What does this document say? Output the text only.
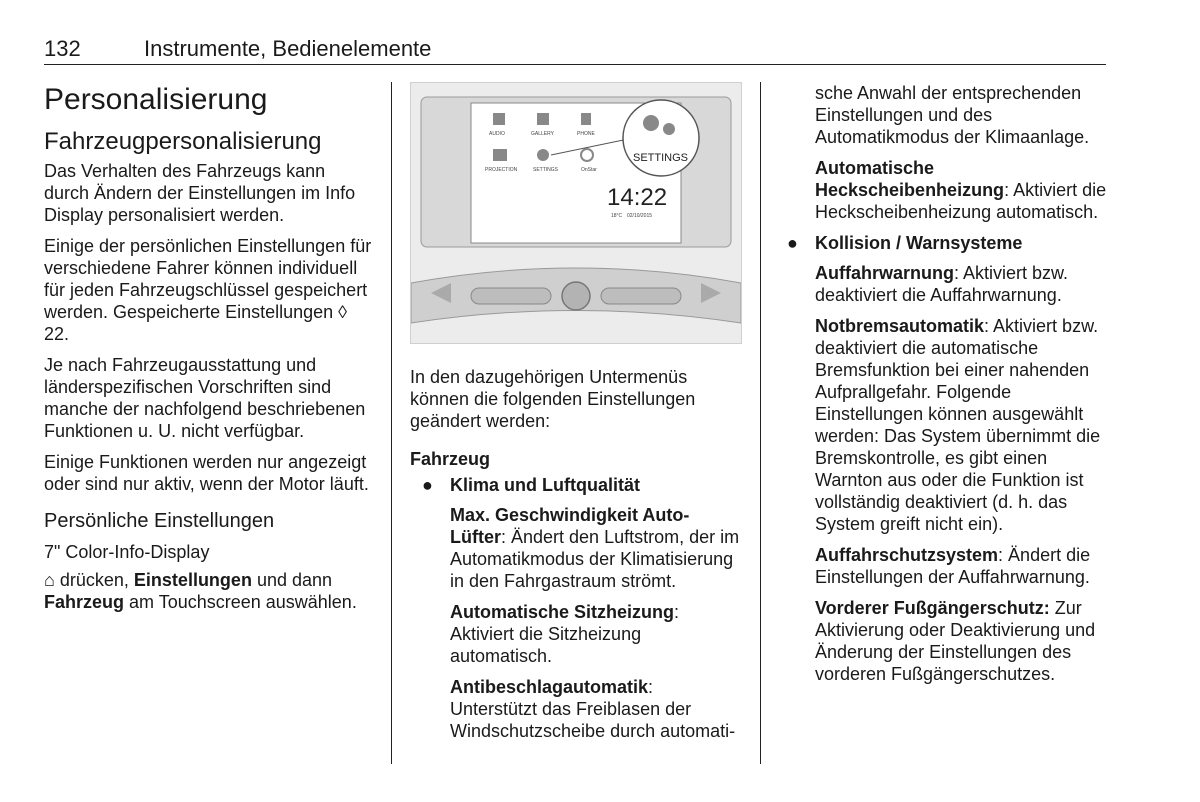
132	Instrumente, Bedienelemente
Personalisierung
Fahrzeugpersonalisierung

Das Verhalten des Fahrzeugs kann durch Ändern der Einstellungen im Info Display personalisiert werden.

Einige der persönlichen Einstellungen für verschiedene Fahrer können individuell für jeden Fahrzeugschlüssel gespeichert werden. Gespeicherte Einstellungen ◊ 22.

Je nach Fahrzeugausstattung und länderspezifischen Vorschriften sind manche der nachfolgend beschriebenen Funktionen u. U. nicht verfügbar.

Einige Funktionen werden nur angezeigt oder sind nur aktiv, wenn der Motor läuft.

Persönliche Einstellungen
7" Color-Info-Display

⌂ drücken, Einstellungen und dann Fahrzeug am Touchscreen auswählen.

AUDIO	GALLERY	PHONE
PROJECTION	SETTINGS	OnStar
SETTINGS
14:22
18°C 02/10/2015

In den dazugehörigen Untermenüs können die folgenden Einstellungen geändert werden:

Fahrzeug
● Klima und Luftqualität

Max. Geschwindigkeit Auto-Lüfter: Ändert den Luftstrom, der im Automatikmodus der Klimatisierung in den Fahrgastraum strömt.

Automatische Sitzheizung: Aktiviert die Sitzheizung automatisch.

Antibeschlagautomatik: Unterstützt das Freiblasen der Windschutzscheibe durch automati-

sche Anwahl der entsprechenden Einstellungen und des Automatikmodus der Klimaanlage.

Automatische Heckscheibenheizung: Aktiviert die Heckscheibenheizung automatisch.

● Kollision / Warnsysteme

Auffahrwarnung: Aktiviert bzw. deaktiviert die Auffahrwarnung.

Notbremsautomatik: Aktiviert bzw. deaktiviert die automatische Bremsfunktion bei einer nahenden Aufprallgefahr. Folgende Einstellungen können ausgewählt werden: Das System übernimmt die Bremskontrolle, es gibt einen Warnton aus oder die Funktion ist vollständig deaktiviert (d. h. das System greift nicht ein).

Auffahrschutzsystem: Ändert die Einstellungen der Auffahrwarnung.

Vorderer Fußgängerschutz: Zur Aktivierung oder Deaktivierung und Änderung der Einstellungen des vorderen Fußgängerschutzes.
